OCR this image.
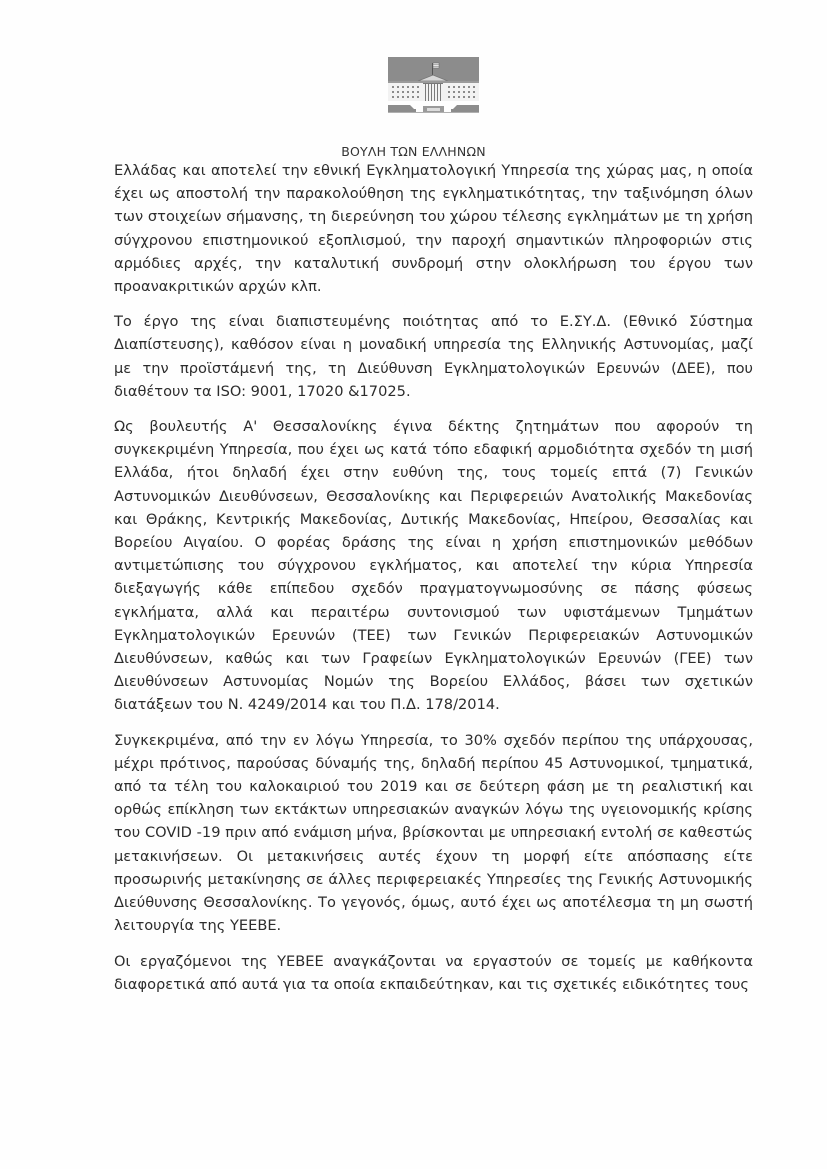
ΒΟΥΛΗ ΤΩΝ ΕΛΛΗΝΩΝ

Ελλάδας και αποτελεί την εθνική Εγκληματολογική Υπηρεσία της χώρας μας, η οποία έχει ως αποστολή την παρακολούθηση της εγκληματικότητας, την ταξινόμηση όλων των στοιχείων σήμανσης, τη διερεύνηση του χώρου τέλεσης εγκλημάτων με τη χρήση σύγχρονου επιστημονικού εξοπλισμού, την παροχή σημαντικών πληροφοριών στις αρμόδιες αρχές, την καταλυτική συνδρομή στην ολοκλήρωση του έργου των προανακριτικών αρχών κλπ.

Το έργο της είναι διαπιστευμένης ποιότητας από το Ε.ΣΥ.Δ. (Εθνικό Σύστημα Διαπίστευσης), καθόσον είναι η μοναδική υπηρεσία της Ελληνικής Αστυνομίας, μαζί με την προϊστάμενή της, τη Διεύθυνση Εγκληματολογικών Ερευνών (ΔΕΕ), που διαθέτουν τα ISO: 9001, 17020 &17025.

Ως βουλευτής Α' Θεσσαλονίκης έγινα δέκτης ζητημάτων που αφορούν τη συγκεκριμένη Υπηρεσία, που έχει ως κατά τόπο εδαφική αρμοδιότητα σχεδόν τη μισή Ελλάδα, ήτοι δηλαδή έχει στην ευθύνη της, τους τομείς επτά (7) Γενικών Αστυνομικών Διευθύνσεων, Θεσσαλονίκης και Περιφερειών Ανατολικής Μακεδονίας και Θράκης, Κεντρικής Μακεδονίας, Δυτικής Μακεδονίας, Ηπείρου, Θεσσαλίας και Βορείου Αιγαίου. Ο φορέας δράσης της είναι η χρήση επιστημονικών μεθόδων αντιμετώπισης του σύγχρονου εγκλήματος, και αποτελεί την κύρια Υπηρεσία διεξαγωγής κάθε επίπεδου σχεδόν πραγματογνωμοσύνης σε πάσης φύσεως εγκλήματα, αλλά και περαιτέρω συντονισμού των υφιστάμενων Τμημάτων Εγκληματολογικών Ερευνών (ΤΕΕ) των Γενικών Περιφερειακών Αστυνομικών Διευθύνσεων, καθώς και των Γραφείων Εγκληματολογικών Ερευνών (ΓΕΕ) των Διευθύνσεων Αστυνομίας Νομών της Βορείου Ελλάδος, βάσει των σχετικών διατάξεων του Ν. 4249/2014 και του Π.Δ. 178/2014.

Συγκεκριμένα, από την εν λόγω Υπηρεσία, το 30% σχεδόν περίπου της υπάρχουσας, μέχρι πρότινος, παρούσας δύναμής της, δηλαδή περίπου 45 Αστυνομικοί, τμηματικά, από τα τέλη του καλοκαιριού του 2019 και σε δεύτερη φάση με τη ρεαλιστική και ορθώς επίκληση των εκτάκτων υπηρεσιακών αναγκών λόγω της υγειονομικής κρίσης του COVID -19 πριν από ενάμιση μήνα, βρίσκονται με υπηρεσιακή εντολή σε καθεστώς μετακινήσεων. Οι μετακινήσεις αυτές έχουν τη μορφή είτε απόσπασης είτε προσωρινής μετακίνησης σε άλλες περιφερειακές Υπηρεσίες της Γενικής Αστυνομικής Διεύθυνσης Θεσσαλονίκης. Το γεγονός, όμως, αυτό έχει ως αποτέλεσμα τη μη σωστή λειτουργία της ΥΕΕΒΕ.

Οι εργαζόμενοι της ΥΕΒΕΕ αναγκάζονται να εργαστούν σε τομείς με καθήκοντα διαφορετικά από αυτά για τα οποία εκπαιδεύτηκαν, και τις σχετικές ειδικότητες τους
